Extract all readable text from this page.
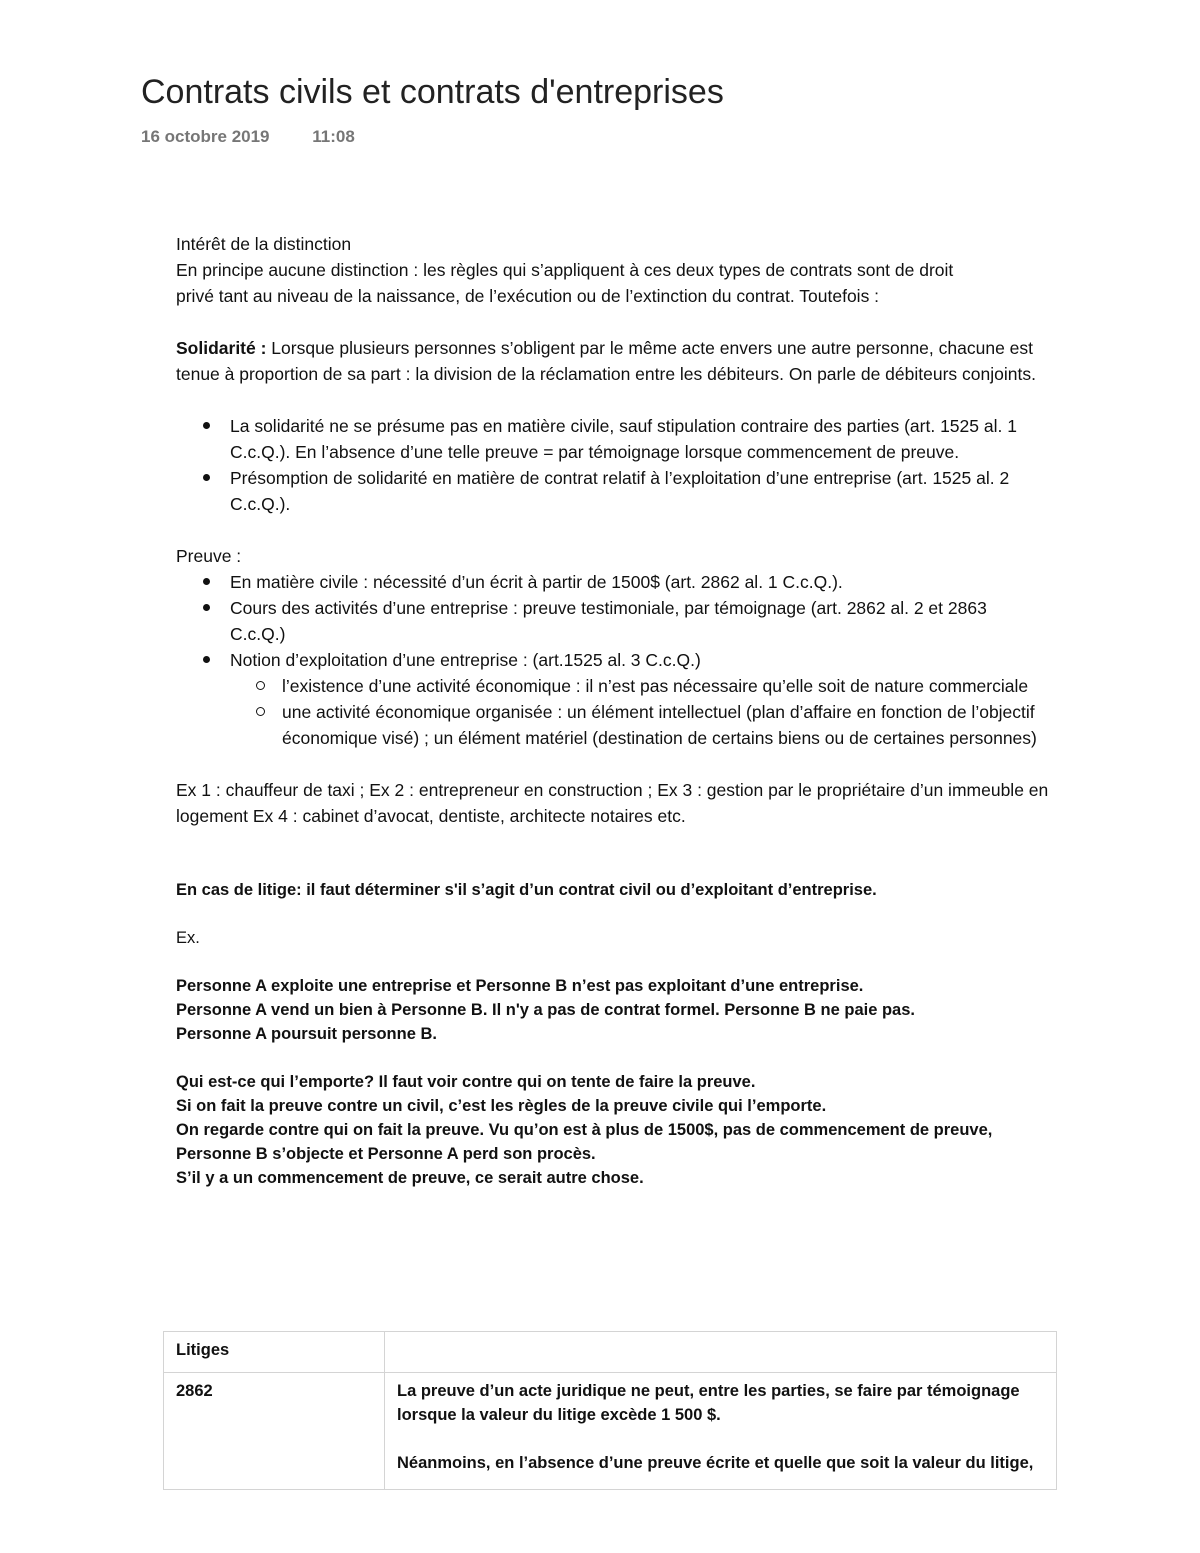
Contrats civils et contrats d'entreprises
16 octobre 2019	11:08
Intérêt de la distinction
En principe aucune distinction : les règles qui s’appliquent à ces deux types de contrats sont de droit
privé tant au niveau de la naissance, de l’exécution ou de l’extinction du contrat. Toutefois :
Solidarité : Lorsque plusieurs personnes s’obligent par le même acte envers une autre personne, chacune est tenue à proportion de sa part : la division de la réclamation entre les débiteurs. On parle de débiteurs conjoints.
La solidarité ne se présume pas en matière civile, sauf stipulation contraire des parties (art. 1525 al. 1 C.c.Q.). En l’absence d’une telle preuve = par témoignage lorsque commencement de preuve.
Présomption de solidarité en matière de contrat relatif à l’exploitation d’une entreprise (art. 1525 al. 2 C.c.Q.).
Preuve :
En matière civile : nécessité d’un écrit à partir de 1500$ (art. 2862 al. 1 C.c.Q.).
Cours des activités d’une entreprise : preuve testimoniale, par témoignage (art. 2862 al. 2 et 2863 C.c.Q.)
Notion d’exploitation d’une entreprise : (art.1525 al. 3 C.c.Q.)
l’existence d’une activité économique : il n’est pas nécessaire qu’elle soit de nature commerciale
une activité économique organisée : un élément intellectuel (plan d’affaire en fonction de l’objectif économique visé) ; un élément matériel (destination de certains biens ou de certaines personnes)
Ex 1 : chauffeur de taxi ; Ex 2 : entrepreneur en construction ; Ex 3 : gestion par le propriétaire d’un immeuble en logement Ex 4 : cabinet d’avocat, dentiste, architecte notaires etc.
En cas de litige: il faut déterminer s'il s’agit d’un contrat civil ou d’exploitant d’entreprise.
Ex.
Personne A exploite une entreprise et Personne B n’est pas exploitant d’une entreprise.
Personne A vend un bien à Personne B. Il n'y a pas de contrat formel. Personne B ne paie pas.
Personne A poursuit personne B.
Qui est-ce qui l’emporte? Il faut voir contre qui on tente de faire la preuve.
Si on fait la preuve contre un civil, c’est les règles de la preuve civile qui l’emporte.
On regarde contre qui on fait la preuve. Vu qu’on est à plus de 1500$, pas de commencement de preuve,
Personne B s’objecte et Personne A perd son procès.
S’il y a un commencement de preuve, ce serait autre chose.
Litiges	
2862	La preuve d’un acte juridique ne peut, entre les parties, se faire par témoignage lorsque la valeur du litige excède 1 500 $.

Néanmoins, en l’absence d’une preuve écrite et quelle que soit la valeur du litige,
